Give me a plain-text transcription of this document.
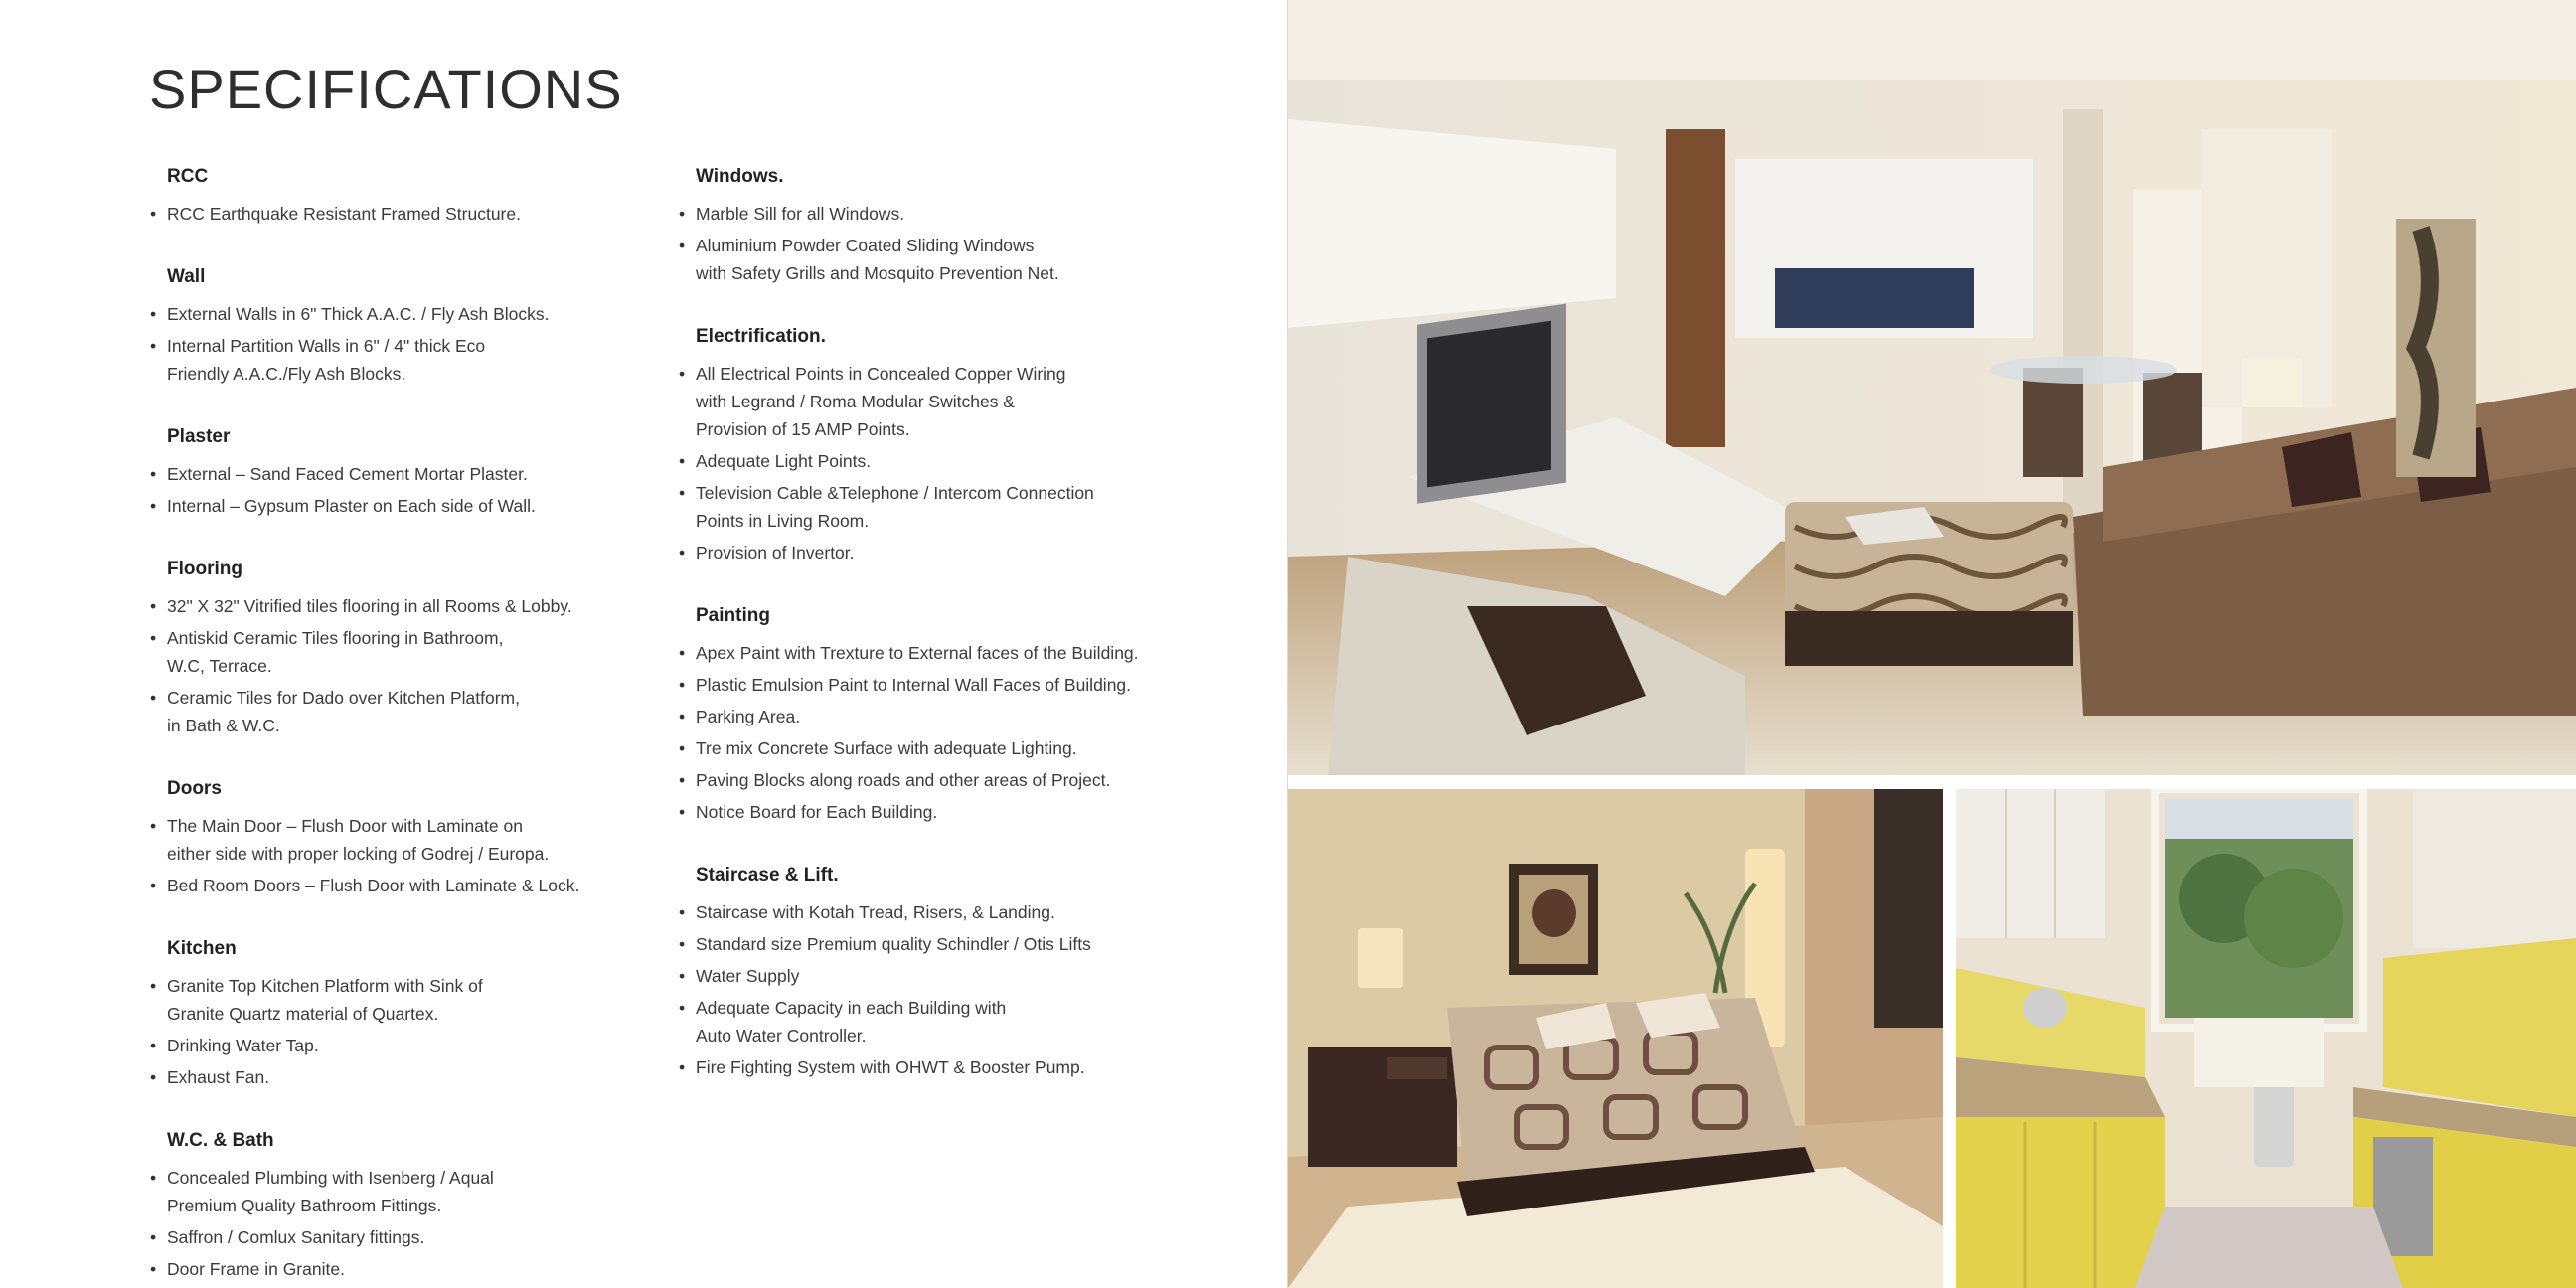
SPECIFICATIONS
RCC
• RCC Earthquake Resistant Framed Structure.
Wall
• External Walls in 6" Thick A.A.C. / Fly Ash Blocks.
• Internal Partition Walls in 6" / 4" thick Eco
Friendly A.A.C./Fly Ash Blocks.
Plaster
• External – Sand Faced Cement Mortar Plaster.
• Internal – Gypsum Plaster on Each side of Wall.
Flooring
• 32" X 32" Vitrified tiles flooring in all Rooms & Lobby.
• Antiskid Ceramic Tiles flooring in Bathroom,
W.C, Terrace.
• Ceramic Tiles for Dado over Kitchen Platform,
in Bath & W.C.
Doors
• The Main Door – Flush Door with Laminate on
either side with proper locking of Godrej / Europa.
• Bed Room Doors – Flush Door with Laminate & Lock.
Kitchen
• Granite Top Kitchen Platform with Sink of
Granite Quartz material of Quartex.
• Drinking Water Tap.
• Exhaust Fan.
W.C. & Bath
• Concealed Plumbing with Isenberg / Aqual
Premium Quality Bathroom Fittings.
• Saffron / Comlux Sanitary fittings.
• Door Frame in Granite.
Windows.
• Marble Sill for all Windows.
• Aluminium Powder Coated Sliding Windows
with Safety Grills and Mosquito Prevention Net.
Electrification.
• All Electrical Points in Concealed Copper Wiring
with Legrand / Roma Modular Switches &
Provision of 15 AMP Points.
• Adequate Light Points.
• Television Cable &Telephone / Intercom Connection
Points in Living Room.
• Provision of Invertor.
Painting
• Apex Paint with Trexture to External faces of the Building.
• Plastic Emulsion Paint to Internal Wall Faces of Building.
• Parking Area.
• Tre mix Concrete Surface with adequate Lighting.
• Paving Blocks along roads and other areas of Project.
• Notice Board for Each Building.
Staircase & Lift.
• Staircase with Kotah Tread, Risers, & Landing.
• Standard size Premium quality Schindler / Otis Lifts
• Water Supply
• Adequate Capacity in each Building with
Auto Water Controller.
• Fire Fighting System with OHWT & Booster Pump.
